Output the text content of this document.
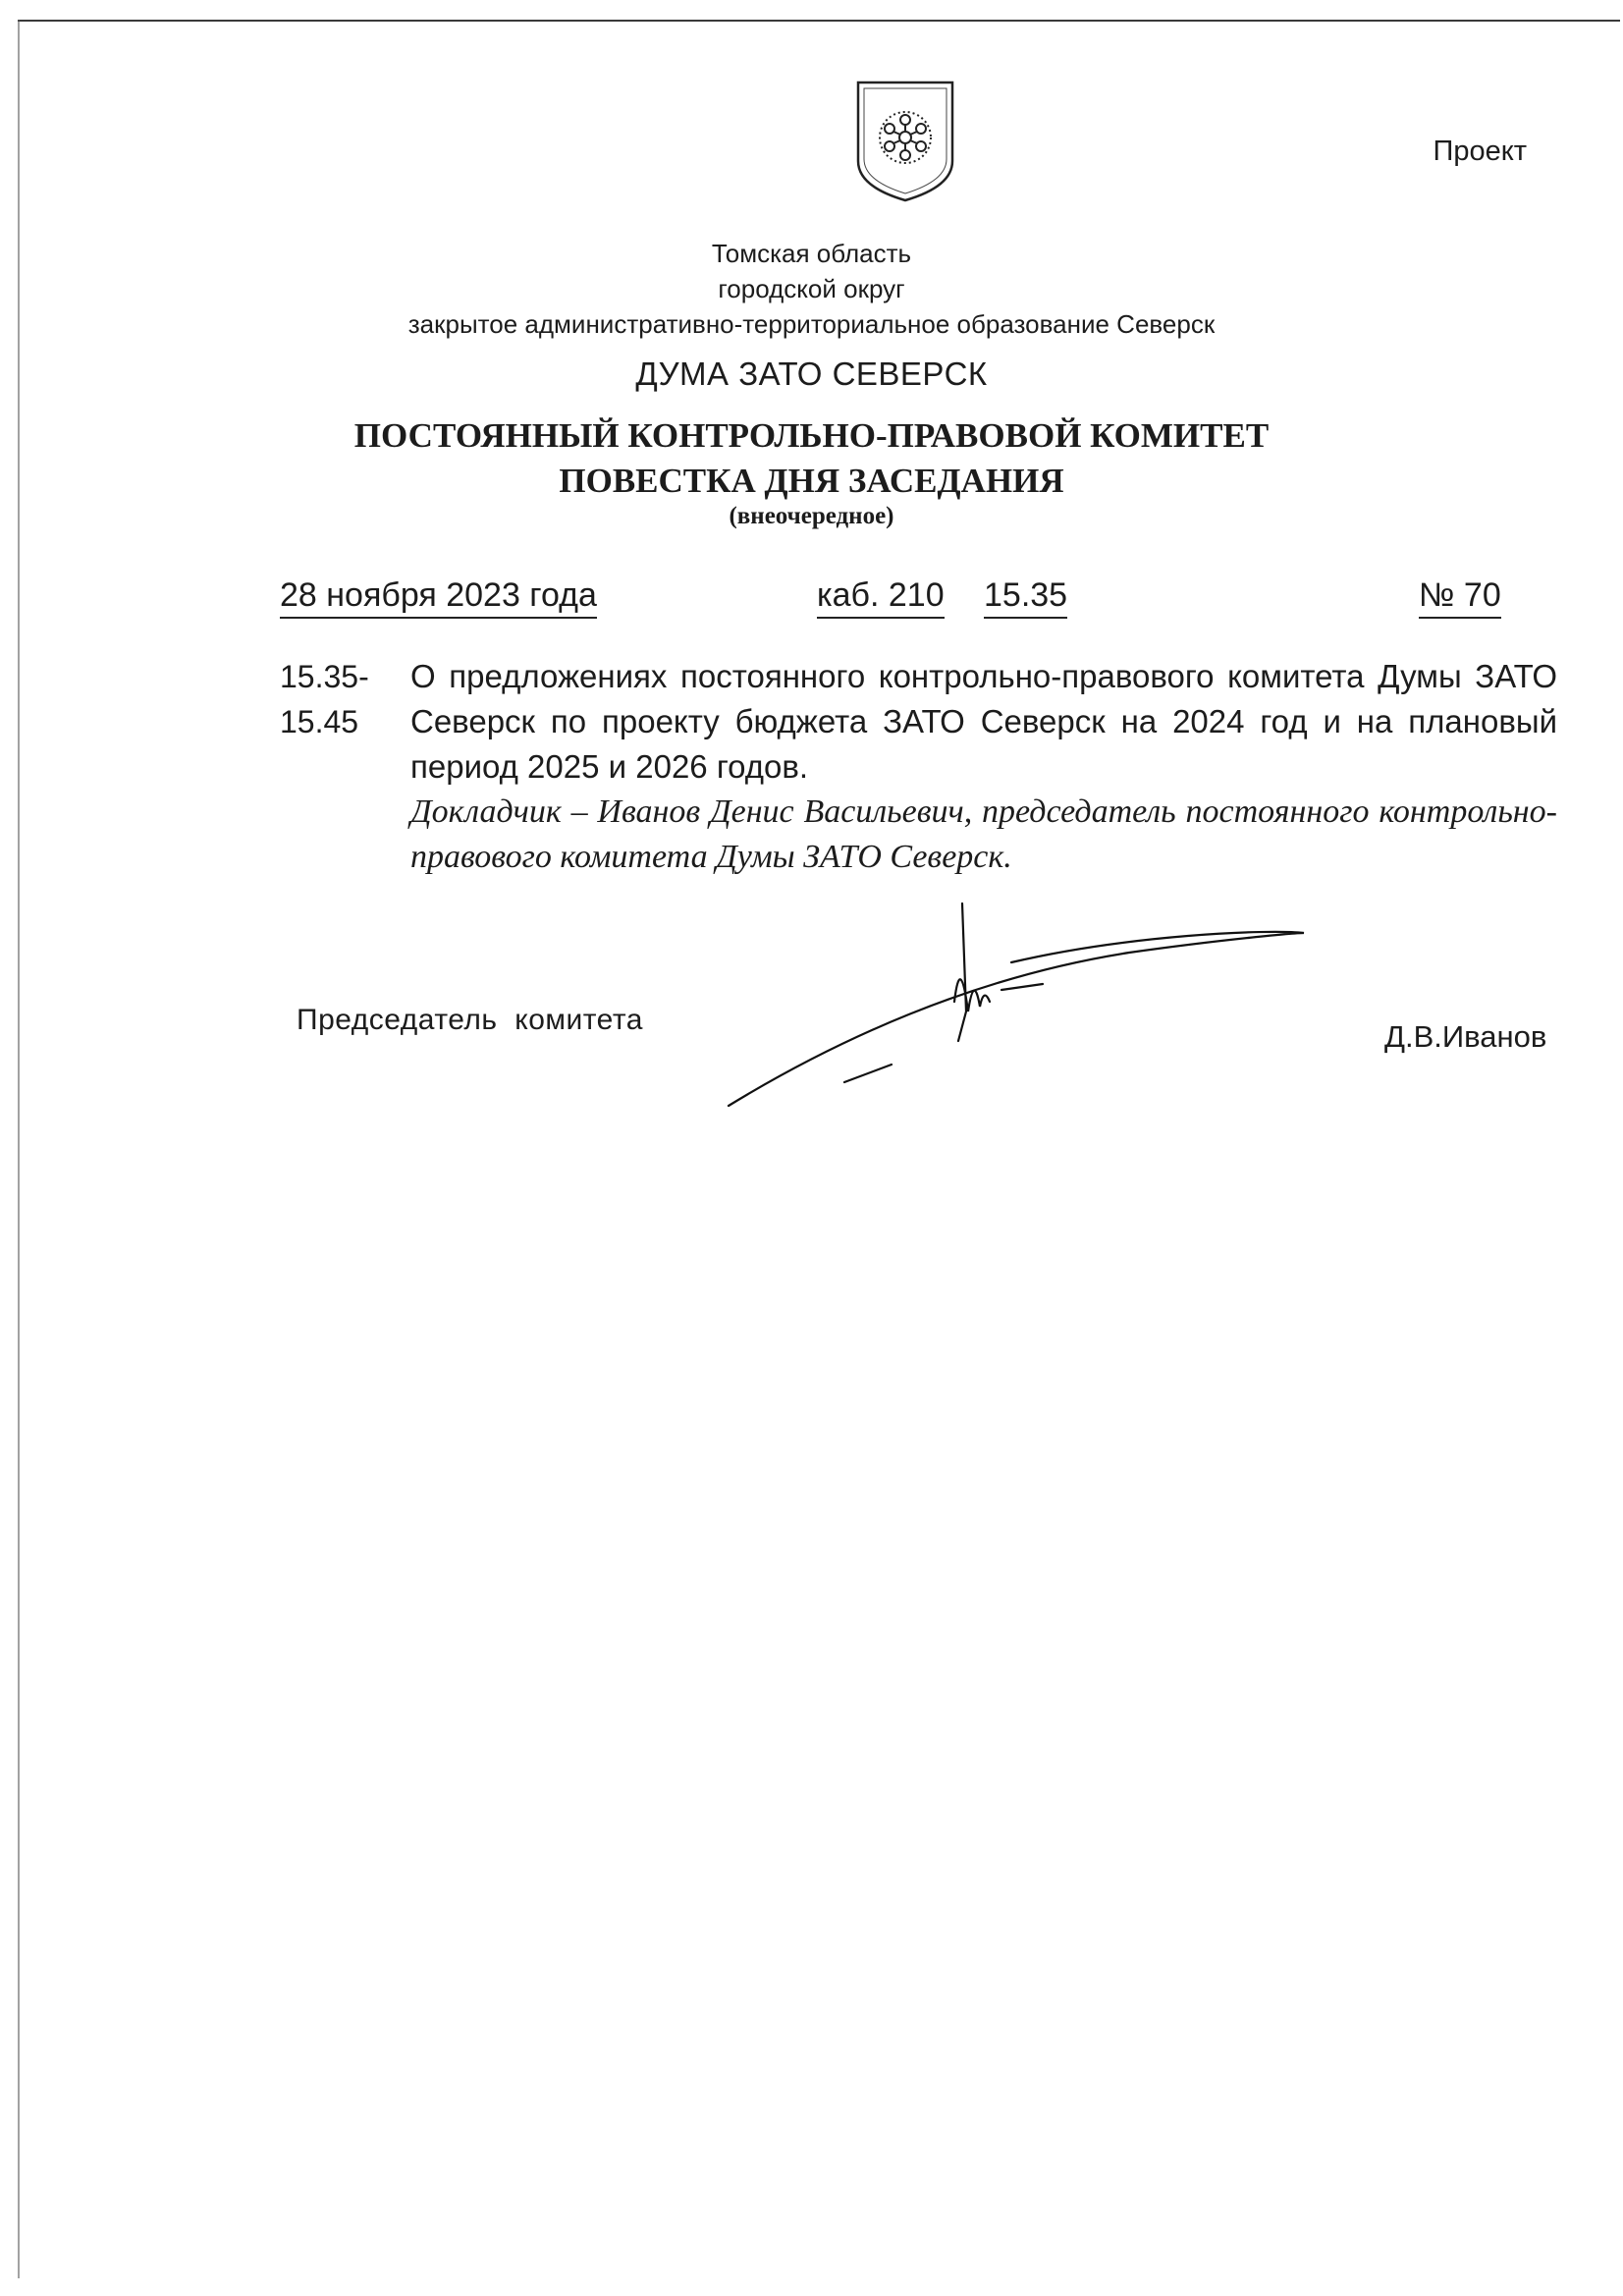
Проект
Томская область
городской округ
закрытое административно-территориальное образование Северск
ДУМА ЗАТО СЕВЕРСК
ПОСТОЯННЫЙ КОНТРОЛЬНО-ПРАВОВОЙ КОМИТЕТ
ПОВЕСТКА ДНЯ ЗАСЕДАНИЯ
(внеочередное)
28 ноября 2023 года	каб. 210 15.35	№ 70
15.35-
15.45

О предложениях постоянного контрольно-правового комитета Думы ЗАТО Северск по проекту бюджета ЗАТО Северск на 2024 год и на плановый период 2025 и 2026 годов.

Докладчик – Иванов Денис Васильевич, председатель постоянного контрольно-правового комитета Думы ЗАТО Северск.

Председатель  комитета	Д.В.Иванов
